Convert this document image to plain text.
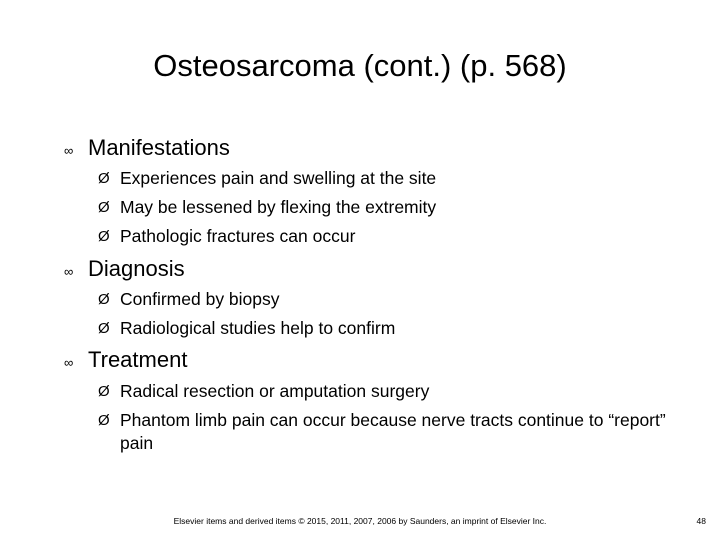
Osteosarcoma (cont.) (p. 568)
∞ Manifestations
Ø Experiences pain and swelling at the site
Ø May be lessened by flexing the extremity
Ø Pathologic fractures can occur
∞ Diagnosis
Ø Confirmed by biopsy
Ø Radiological studies help to confirm
∞ Treatment
Ø Radical resection or amputation surgery
Ø Phantom limb pain can occur because nerve tracts continue to “report” pain
Elsevier items and derived items © 2015, 2011, 2007, 2006 by Saunders, an imprint of Elsevier Inc.	48
